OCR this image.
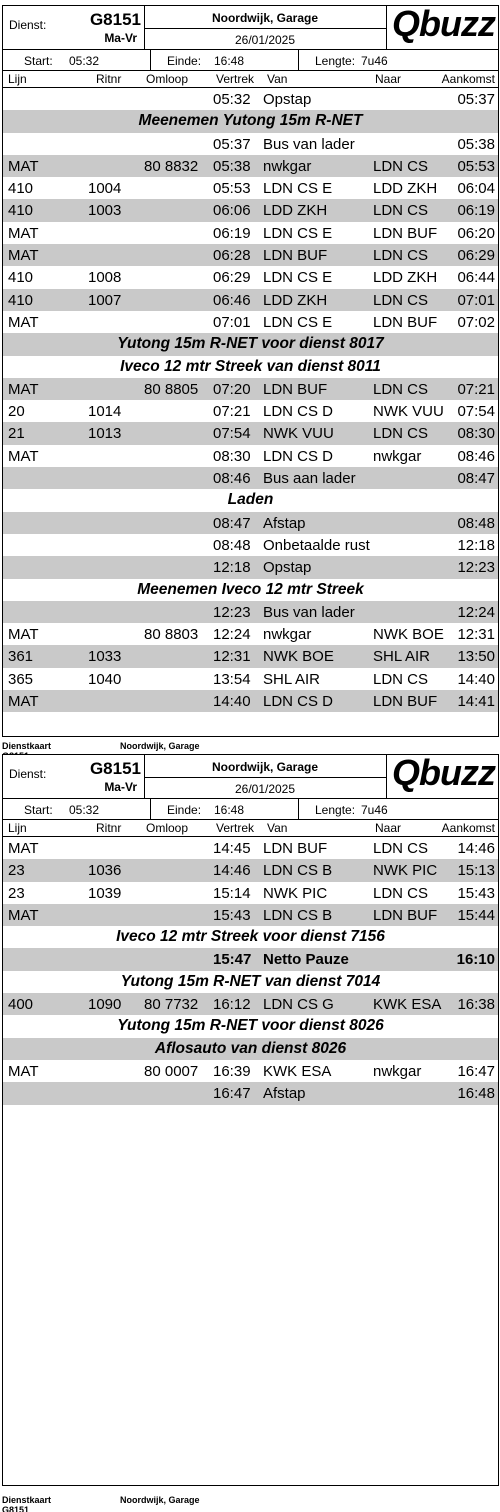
Dienst:	G8151
Ma-Vr
Noordwijk, Garage
26/01/2025	Qbuzz
Start: 05:32	Einde: 16:48	Lengte: 7u46
Lijn	Ritnr Omloop Vertrek Van	Naar	Aankomst
05:32 Opstap	05:37
Meenemen Yutong 15m R-NET
05:37 Bus van lader	05:38
MAT	80 8832 05:38 nwkgar	LDN CS 05:53
410	1004	05:53 LDN CS E	LDD ZKH 06:04
410	1003	06:06 LDD ZKH	LDN CS 06:19
MAT	06:19 LDN CS E	LDN BUF 06:20
MAT	06:28 LDN BUF	LDN CS 06:29
410	1008	06:29 LDN CS E	LDD ZKH 06:44
410	1007	06:46 LDD ZKH	LDN CS 07:01
MAT	07:01 LDN CS E	LDN BUF 07:02
Yutong 15m R-NET voor dienst 8017
Iveco 12 mtr Streek van dienst 8011
MAT	80 8805 07:20 LDN BUF	LDN CS 07:21
20	1014	07:21 LDN CS D	NWK VUU 07:54
21	1013	07:54 NWK VUU	LDN CS 08:30
MAT	08:30 LDN CS D	nwkgar 08:46
08:46 Bus aan lader	08:47
Laden
08:47 Afstap	08:48
08:48 Onbetaalde rust	12:18
12:18 Opstap	12:23
Meenemen Iveco 12 mtr Streek
12:23 Bus van lader	12:24
MAT	80 8803 12:24 nwkgar	NWK BOE 12:31
361	1033	12:31 NWK BOE	SHL AIR 13:50
365	1040	13:54 SHL AIR	LDN CS 14:40
MAT	14:40 LDN CS D	LDN BUF 14:41
Dienstkaart	Noordwijk, Garage
Dienst:	G8151
Ma-Vr
Noordwijk, Garage
26/01/2025	Qbuzz
Start: 05:32	Einde: 16:48	Lengte: 7u46
Lijn	Ritnr Omloop Vertrek Van	Naar	Aankomst
MAT	14:45 LDN BUF	LDN CS 14:46
23	1036	14:46 LDN CS B	NWK PIC 15:13
23	1039	15:14 NWK PIC	LDN CS 15:43
MAT	15:43 LDN CS B	LDN BUF 15:44
Iveco 12 mtr Streek voor dienst 7156
15:47 Netto Pauze	16:10
Yutong 15m R-NET van dienst 7014
400	1090 80 7732 16:12 LDN CS G	KWK ESA 16:38
Yutong 15m R-NET voor dienst 8026
Aflosauto van dienst 8026
MAT	80 0007 16:39 KWK ESA	nwkgar 16:47
16:47 Afstap	16:48
Dienstkaart G8151
Noordwijk, Garage
